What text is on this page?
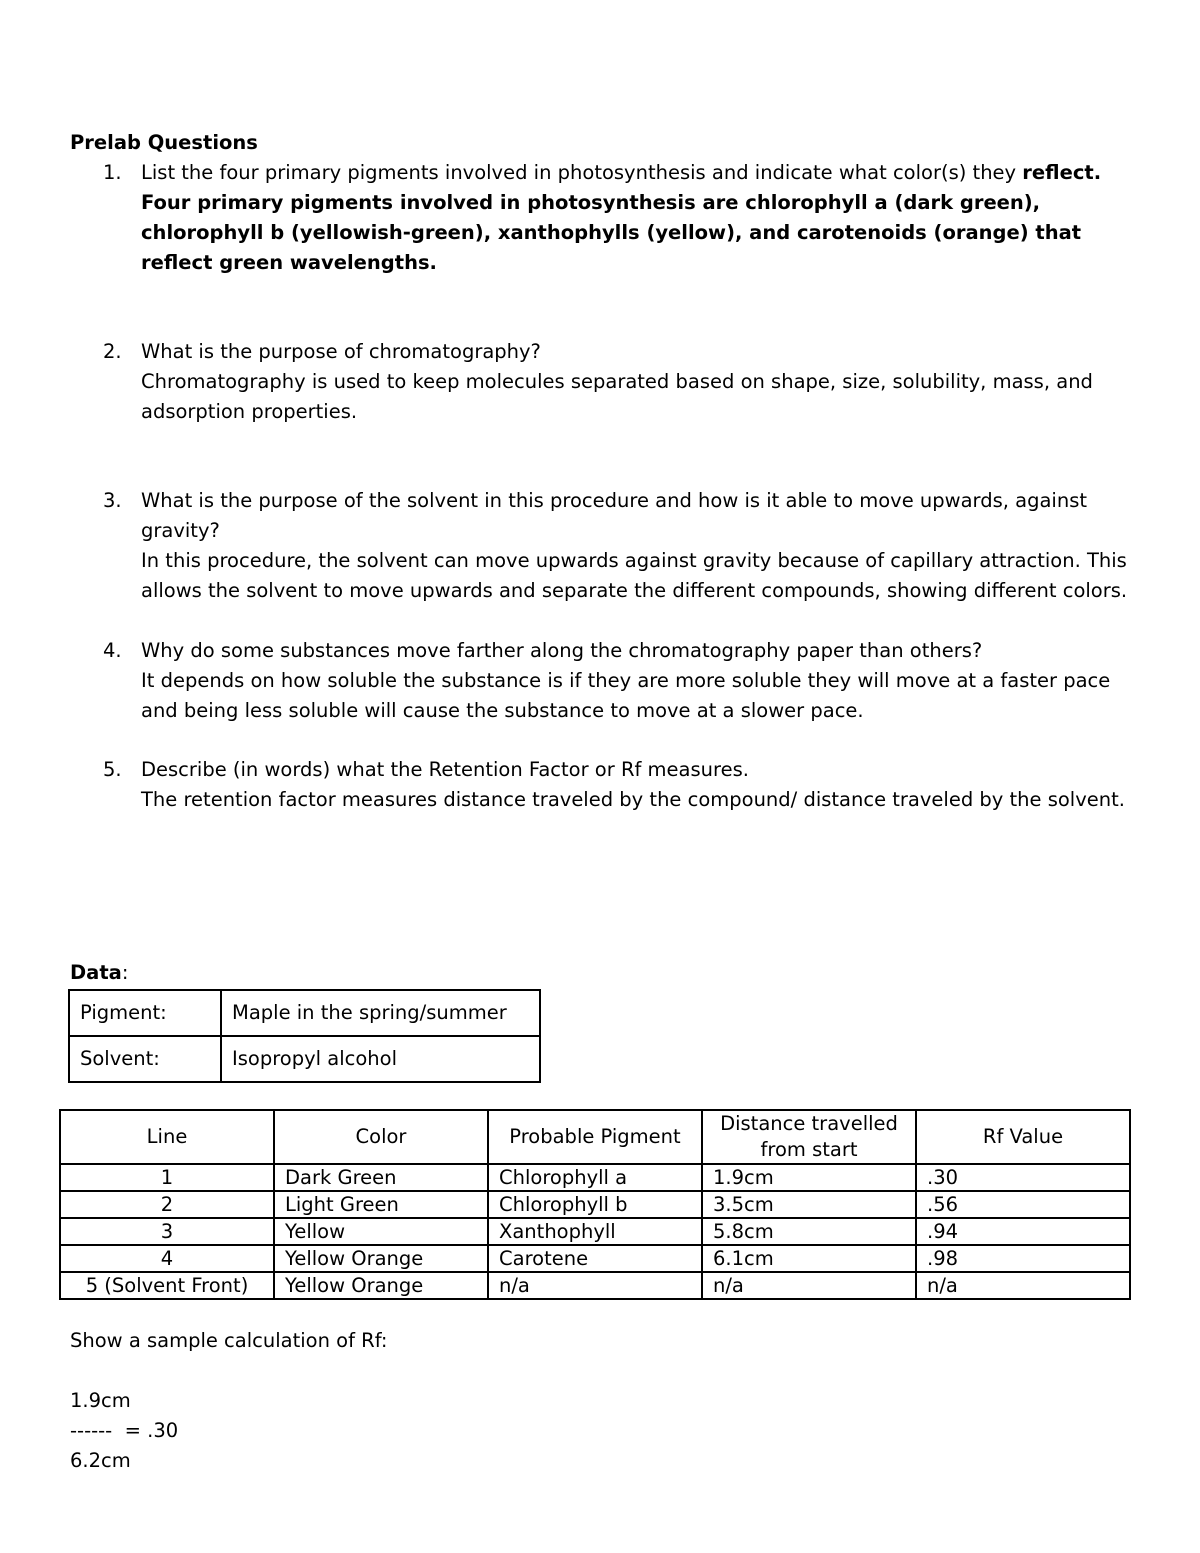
Prelab Questions
1. List the four primary pigments involved in photosynthesis and indicate what color(s) they reflect.
Four primary pigments involved in photosynthesis are chlorophyll a (dark green), chlorophyll b (yellowish-green), xanthophylls (yellow), and carotenoids (orange) that reflect green wavelengths.
2. What is the purpose of chromatography?
Chromatography is used to keep molecules separated based on shape, size, solubility, mass, and adsorption properties.
3. What is the purpose of the solvent in this procedure and how is it able to move upwards, against gravity?
In this procedure, the solvent can move upwards against gravity because of capillary attraction. This allows the solvent to move upwards and separate the different compounds, showing different colors.
4. Why do some substances move farther along the chromatography paper than others?
It depends on how soluble the substance is if they are more soluble they will move at a faster pace and being less soluble will cause the substance to move at a slower pace.
5. Describe (in words) what the Retention Factor or Rf measures.
The retention factor measures distance traveled by the compound/ distance traveled by the solvent.
Data:
Pigment:	Maple in the spring/summer
Solvent:	Isopropyl alcohol
Line	Color	Probable Pigment	Distance travelled from start	Rf Value
1	Dark Green	Chlorophyll a	1.9cm	.30
2	Light Green	Chlorophyll b	3.5cm	.56
3	Yellow	Xanthophyll	5.8cm	.94
4	Yellow Orange	Carotene	6.1cm	.98
5 (Solvent Front)	Yellow Orange	n/a	n/a	n/a
Show a sample calculation of Rf:
1.9cm
------  = .30
6.2cm
